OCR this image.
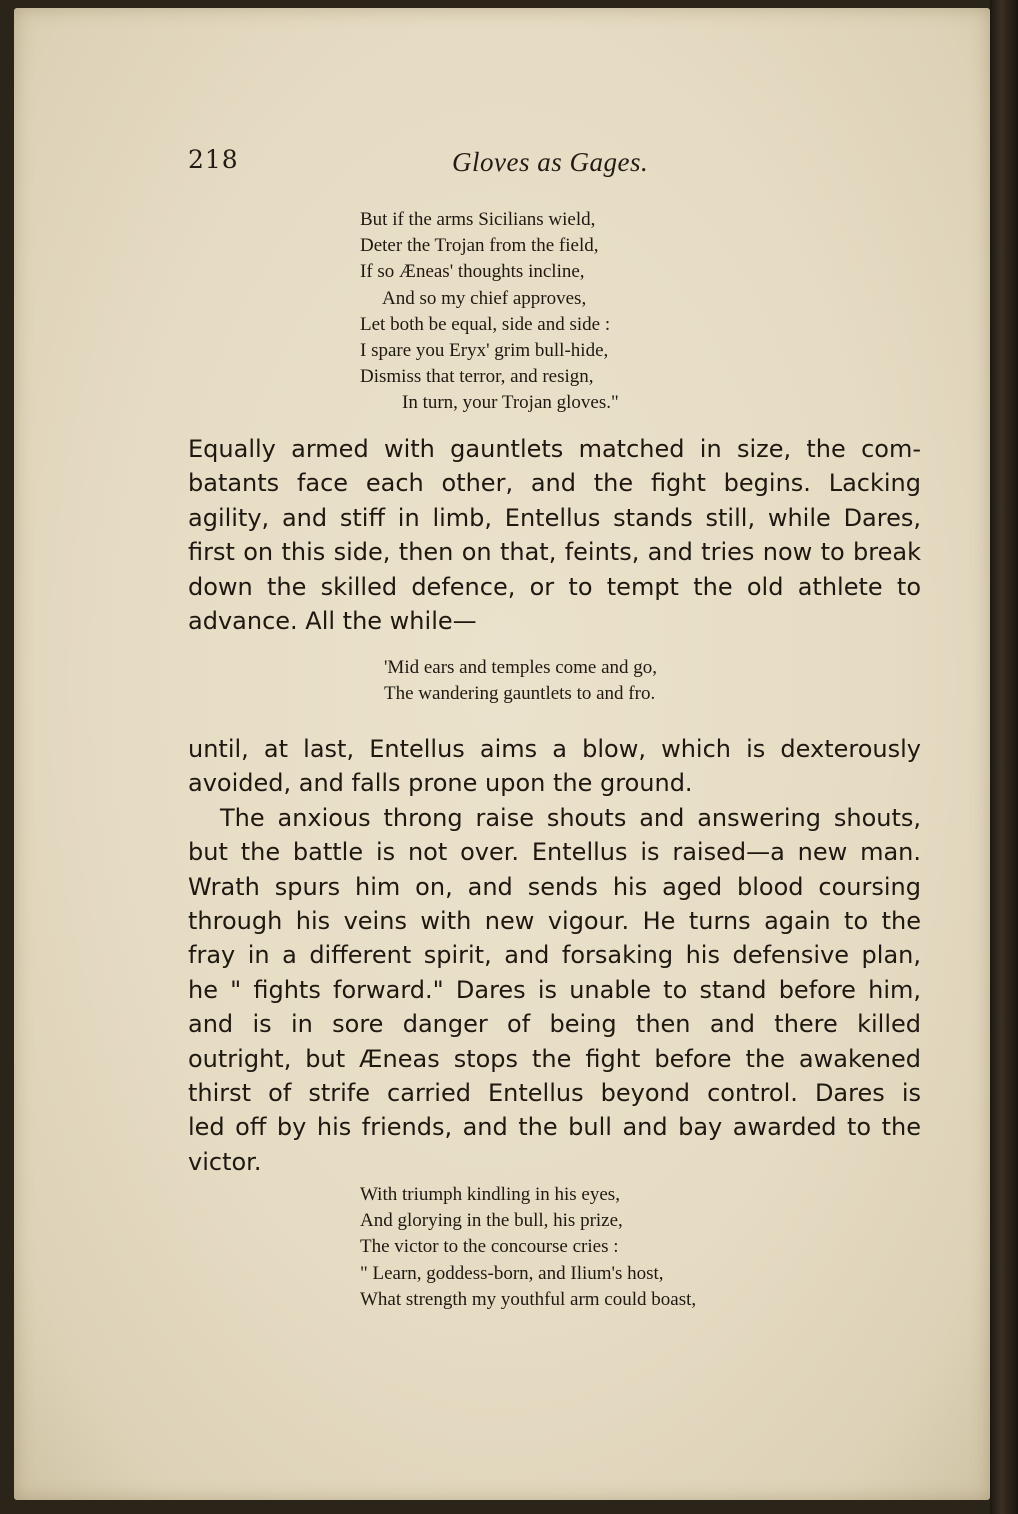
218	Gloves as Gages.
But if the arms Sicilians wield,
Deter the Trojan from the field,
If so Æneas' thoughts incline,
And so my chief approves,
Let both be equal, side and side :
I spare you Eryx' grim bull-hide,
Dismiss that terror, and resign,
In turn, your Trojan gloves."
Equally armed with gauntlets matched in size, the com-
batants face each other, and the fight begins. Lacking
agility, and stiff in limb, Entellus stands still, while Dares,
first on this side, then on that, feints, and tries now to break
down the skilled defence, or to tempt the old athlete to
advance. All the while—
'Mid ears and temples come and go,
The wandering gauntlets to and fro.
until, at last, Entellus aims a blow, which is dexterously
avoided, and falls prone upon the ground.
The anxious throng raise shouts and answering shouts,
but the battle is not over. Entellus is raised—a new man.
Wrath spurs him on, and sends his aged blood coursing
through his veins with new vigour. He turns again to the
fray in a different spirit, and forsaking his defensive plan,
he " fights forward." Dares is unable to stand before him,
and is in sore danger of being then and there killed
outright, but Æneas stops the fight before the awakened
thirst of strife carried Entellus beyond control. Dares is
led off by his friends, and the bull and bay awarded to the
victor.
With triumph kindling in his eyes,
And glorying in the bull, his prize,
The victor to the concourse cries :
" Learn, goddess-born, and Ilium's host,
What strength my youthful arm could boast,
